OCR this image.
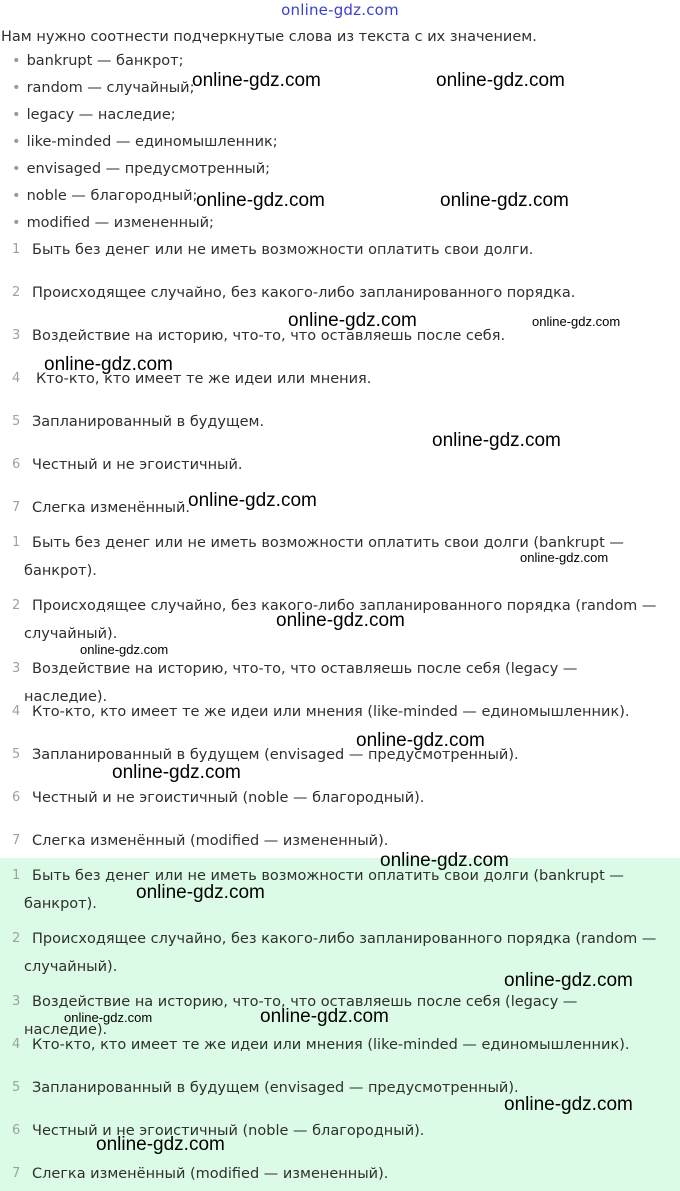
online-gdz.com
Нам нужно соотнести подчеркнутые слова из текста с их значением.
• bankrupt — банкрот;
• random — случайный;
• legacy — наследие;
• like-minded — единомышленник;
• envisaged — предусмотренный;
• noble — благородный;
• modified — измененный;
1 Быть без денег или не иметь возможности оплатить свои долги.
2 Происходящее случайно, без какого-либо запланированного порядка.
3 Воздействие на историю, что-то, что оставляешь после себя.
4	Кто-кто, кто имеет те же идеи или мнения.
5 Запланированный в будущем.
6 Честный и не эгоистичный.
7 Слегка изменённый.
1 Быть без денег или не иметь возможности оплатить свои долги (bankrupt — банкрот).
2 Происходящее случайно, без какого-либо запланированного порядка (random — случайный).
3 Воздействие на историю, что-то, что оставляешь после себя (legacy — наследие).
4 Кто-кто, кто имеет те же идеи или мнения (like-minded — единомышленник).
5 Запланированный в будущем (envisaged — предусмотренный).
6 Честный и не эгоистичный (noble — благородный).
7 Слегка изменённый (modified — измененный).
1 Быть без денег или не иметь возможности оплатить свои долги (bankrupt — банкрот).
2 Происходящее случайно, без какого-либо запланированного порядка (random — случайный).
3 Воздействие на историю, что-то, что оставляешь после себя (legacy — наследие).
4 Кто-кто, кто имеет те же идеи или мнения (like-minded — единомышленник).
5 Запланированный в будущем (envisaged — предусмотренный).
6 Честный и не эгоистичный (noble — благородный).
7 Слегка изменённый (modified — измененный).
online-gdz.com	online-gdz.com
online-gdz.com	online-gdz.com
online-gdz.com	online-gdz.com
online-gdz.com
online-gdz.com
online-gdz.com
online-gdz.com
online-gdz.com
online-gdz.com
online-gdz.com
online-gdz.com
online-gdz.com
online-gdz.com
online-gdz.com
online-gdz.com
online-gdz.com
online-gdz.com
online-gdz.com
